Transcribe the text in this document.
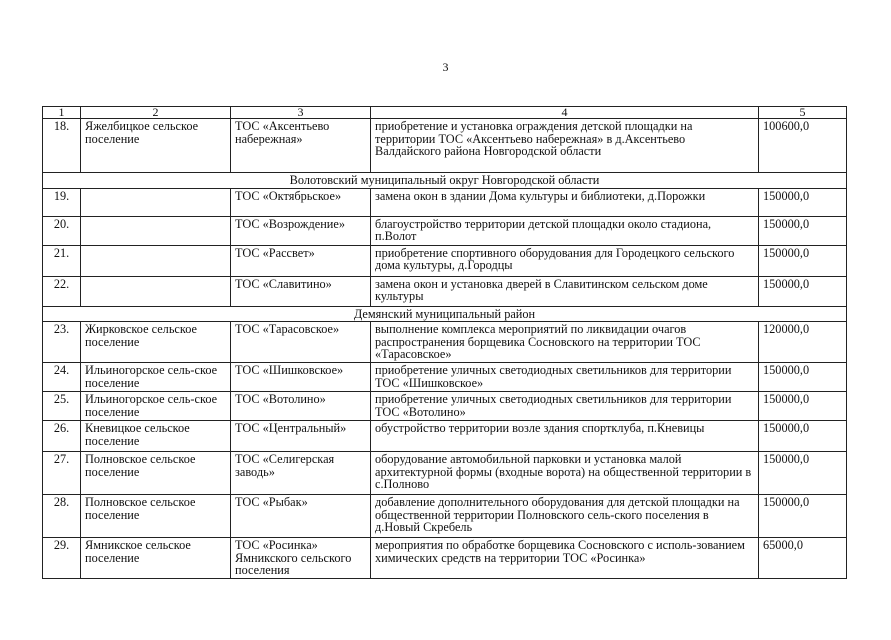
3
1	2	3	4	5
18.	Яжелбицкое сельское поселение	ТОС «Аксентьево набережная»	приобретение и установка ограждения детской площадки на территории ТОС «Аксентьево набережная» в д.Аксентьево Валдайского района Новгородской области	100600,0
Волотовский муниципальный округ Новгородской области				
19.		ТОС «Октябрьское»	замена окон в здании Дома культуры и библиотеки, д.Порожки	150000,0
20.		ТОС «Возрождение»	благоустройство территории детской площадки около стадиона, п.Волот	150000,0
21.		ТОС «Рассвет»	приобретение спортивного оборудования для Городецкого сельского дома культуры, д.Городцы	150000,0
22.		ТОС «Славитино»	замена окон и установка дверей в Славитинском сельском доме культуры	150000,0
Демянский муниципальный район				
23.	Жирковское сельское поселение	ТОС «Тарасовское»	выполнение комплекса мероприятий по ликвидации очагов распространения борщевика Сосновского на территории ТОС «Тарасовское»	120000,0
24.	Ильиногорское сель-ское поселение	ТОС «Шишковское»	приобретение уличных светодиодных светильников для территории ТОС «Шишковское»	150000,0
25.	Ильиногорское сель-ское поселение	ТОС «Вотолино»	приобретение уличных светодиодных светильников для территории ТОС «Вотолино»	150000,0
26.	Кневицкое сельское поселение	ТОС «Центральный»	обустройство территории возле здания спортклуба, п.Кневицы	150000,0
27.	Полновское сельское поселение	ТОС «Селигерская заводь»	оборудование автомобильной парковки и установка малой архитектурной формы (входные ворота) на общественной территории в с.Полново	150000,0
28.	Полновское сельское поселение	ТОС «Рыбак»	добавление дополнительного оборудования для детской площадки на общественной территории Полновского сель-ского поселения в д.Новый Скребель	150000,0
29.	Ямникское сельское поселение	ТОС «Росинка» Ямникского сельского поселения	мероприятия по обработке борщевика Сосновского с исполь-зованием химических средств на территории ТОС «Росинка»	65000,0
